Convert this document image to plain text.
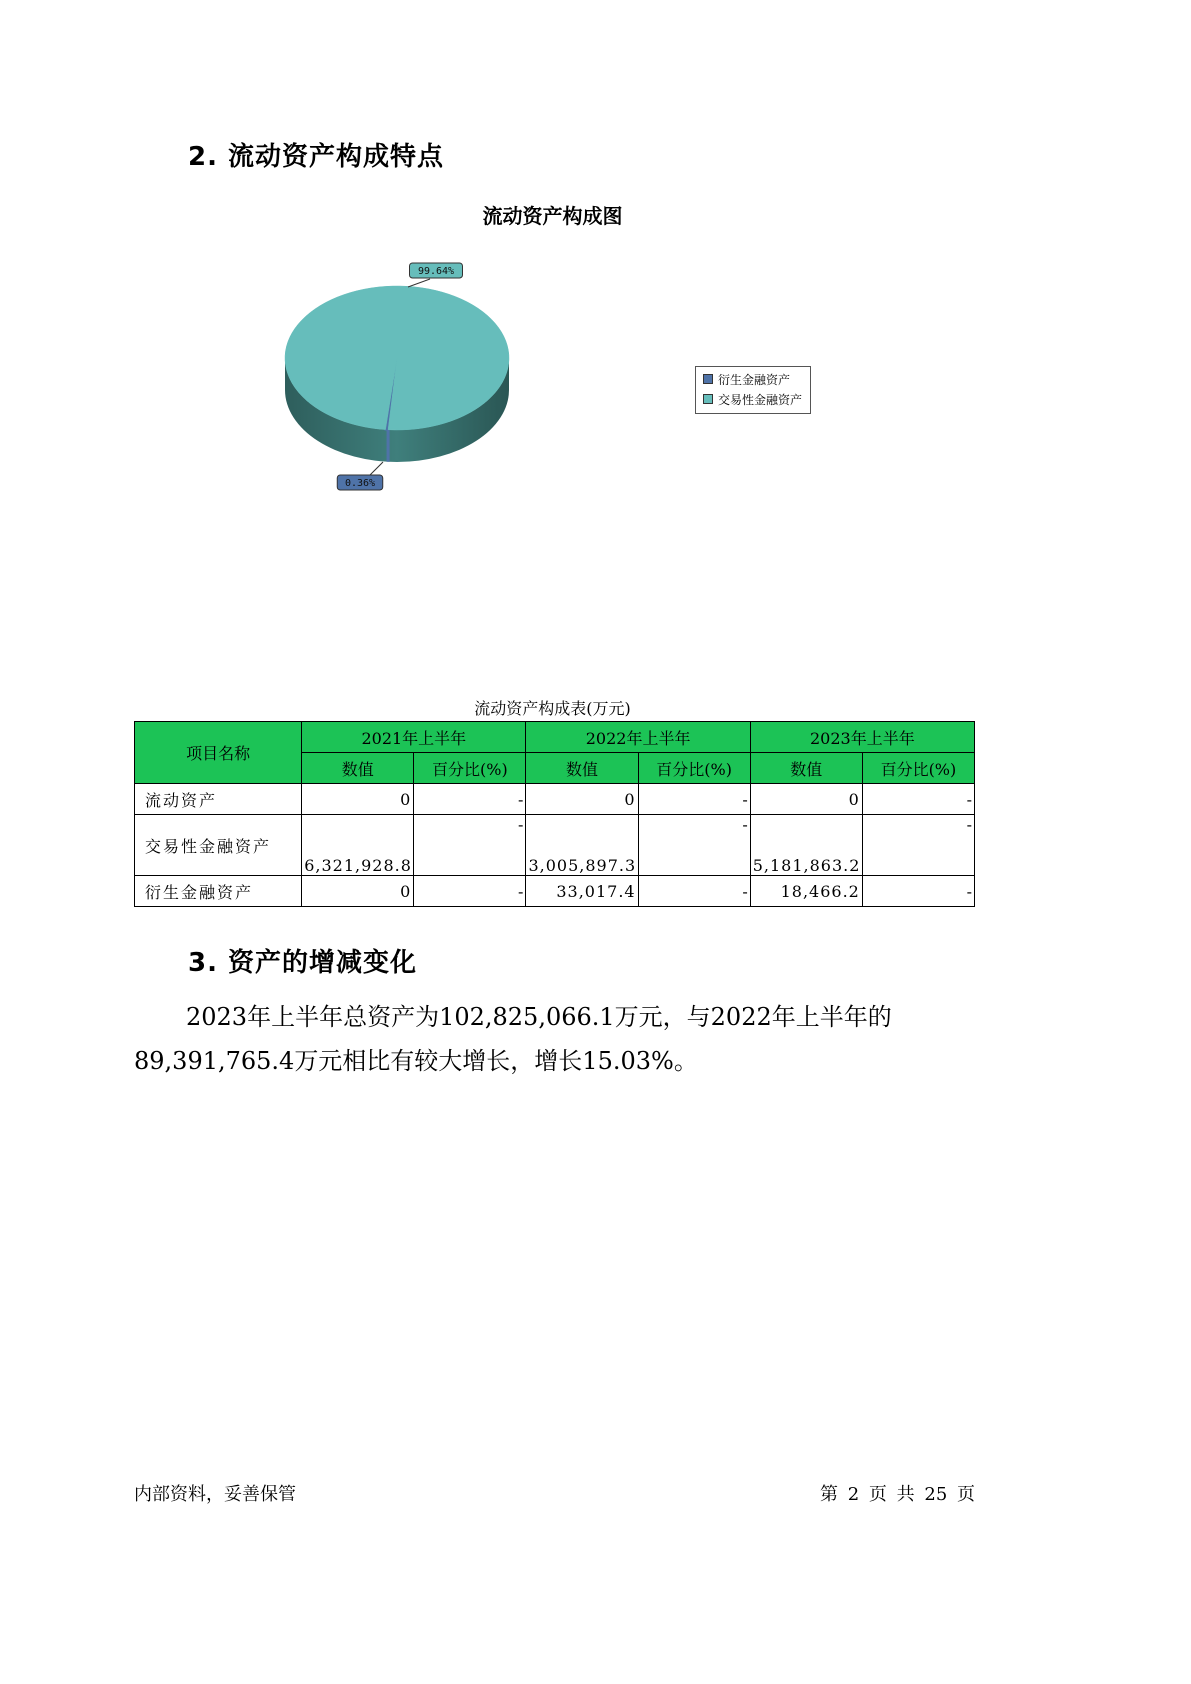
2. 流动资产构成特点
流动资产构成图
0.36%
99.64%
衍生金融资产
交易性金融资产
流动资产构成表(万元)
项目名称	2021年上半年		2022年上半年		2023年上半年	
	数值	百分比(%)	数值	百分比(%)	数值	百分比(%)
流动资产	0	-	0	-	0	-
交易性金融资产	6,321,928.8	-	3,005,897.3	-	5,181,863.2	-
衍生金融资产	0	-	33,017.4	-	18,466.2	-
3. 资产的增减变化
2023年上半年总资产为102,825,066.1万元，与2022年上半年的
89,391,765.4万元相比有较大增长，增长15.03%。
内部资料，妥善保管	第 2 页 共 25 页
